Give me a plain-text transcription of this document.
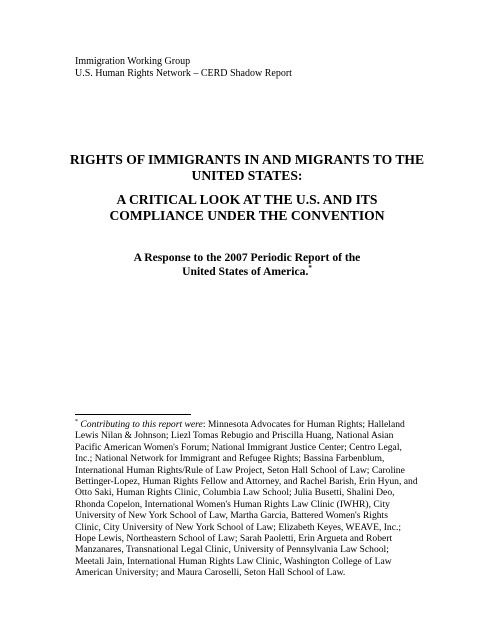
Immigration Working Group
U.S. Human Rights Network – CERD Shadow Report
RIGHTS OF IMMIGRANTS IN AND MIGRANTS TO THE
UNITED STATES:
A CRITICAL LOOK AT THE U.S. AND ITS
COMPLIANCE UNDER THE CONVENTION
A Response to the 2007 Periodic Report of the
United States of America.*
* Contributing to this report were: Minnesota Advocates for Human Rights; Halleland
Lewis Nilan & Johnson; Liezl Tomas Rebugio and Priscilla Huang, National Asian
Pacific American Women's Forum; National Immigrant Justice Center; Centro Legal,
Inc.; National Network for Immigrant and Refugee Rights; Bassina Farbenblum,
International Human Rights/Rule of Law Project, Seton Hall School of Law; Caroline
Bettinger-Lopez, Human Rights Fellow and Attorney, and Rachel Barish, Erin Hyun, and
Otto Saki, Human Rights Clinic, Columbia Law School; Julia Busetti, Shalini Deo,
Rhonda Copelon, International Women's Human Rights Law Clinic (IWHR), City
University of New York School of Law, Martha Garcia, Battered Women's Rights
Clinic, City University of New York School of Law; Elizabeth Keyes, WEAVE, Inc.;
Hope Lewis, Northeastern School of Law; Sarah Paoletti, Erin Argueta and Robert
Manzanares, Transnational Legal Clinic, University of Pennsylvania Law School;
Meetali Jain, International Human Rights Law Clinic, Washington College of Law
American University; and Maura Caroselli, Seton Hall School of Law.
